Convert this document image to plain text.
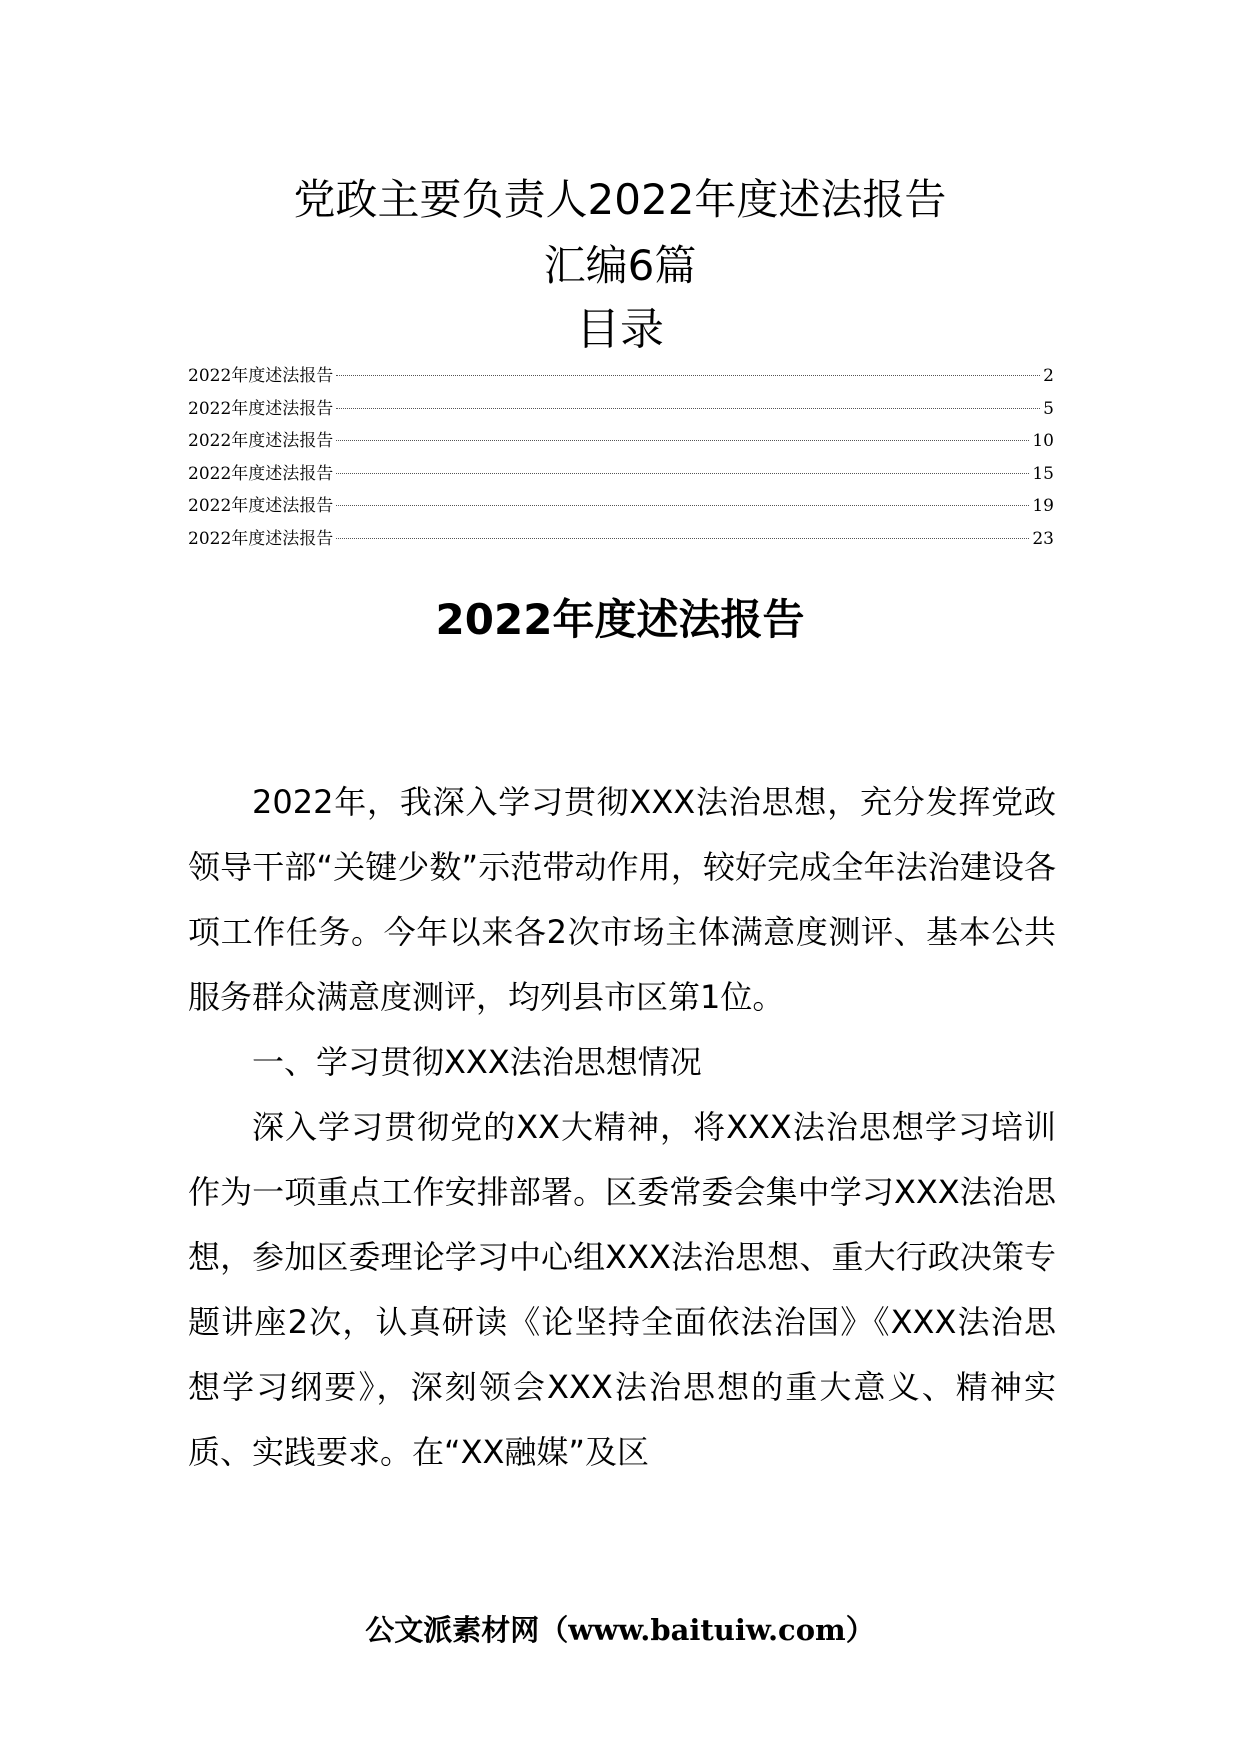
党政主要负责人2022年度述法报告
汇编6篇
目录
2022年度述法报告	2
2022年度述法报告	5
2022年度述法报告	10
2022年度述法报告	15
2022年度述法报告	19
2022年度述法报告	23
2022年度述法报告

2022年，我深入学习贯彻XXX法治思想，充分发挥党政领导干部“关键少数”示范带动作用，较好完成全年法治建设各项工作任务。今年以来各2次市场主体满意度测评、基本公共服务群众满意度测评，均列县市区第1位。

一、学习贯彻XXX法治思想情况

深入学习贯彻党的XX大精神，将XXX法治思想学习培训作为一项重点工作安排部署。区委常委会集中学习XXX法治思想，参加区委理论学习中心组XXX法治思想、重大行政决策专题讲座2次，认真研读《论坚持全面依法治国》《XXX法治思想学习纲要》，深刻领会XXX法治思想的重大意义、精神实质、实践要求。在“XX融媒”及区

公文派素材网（www.baituiw.com）
